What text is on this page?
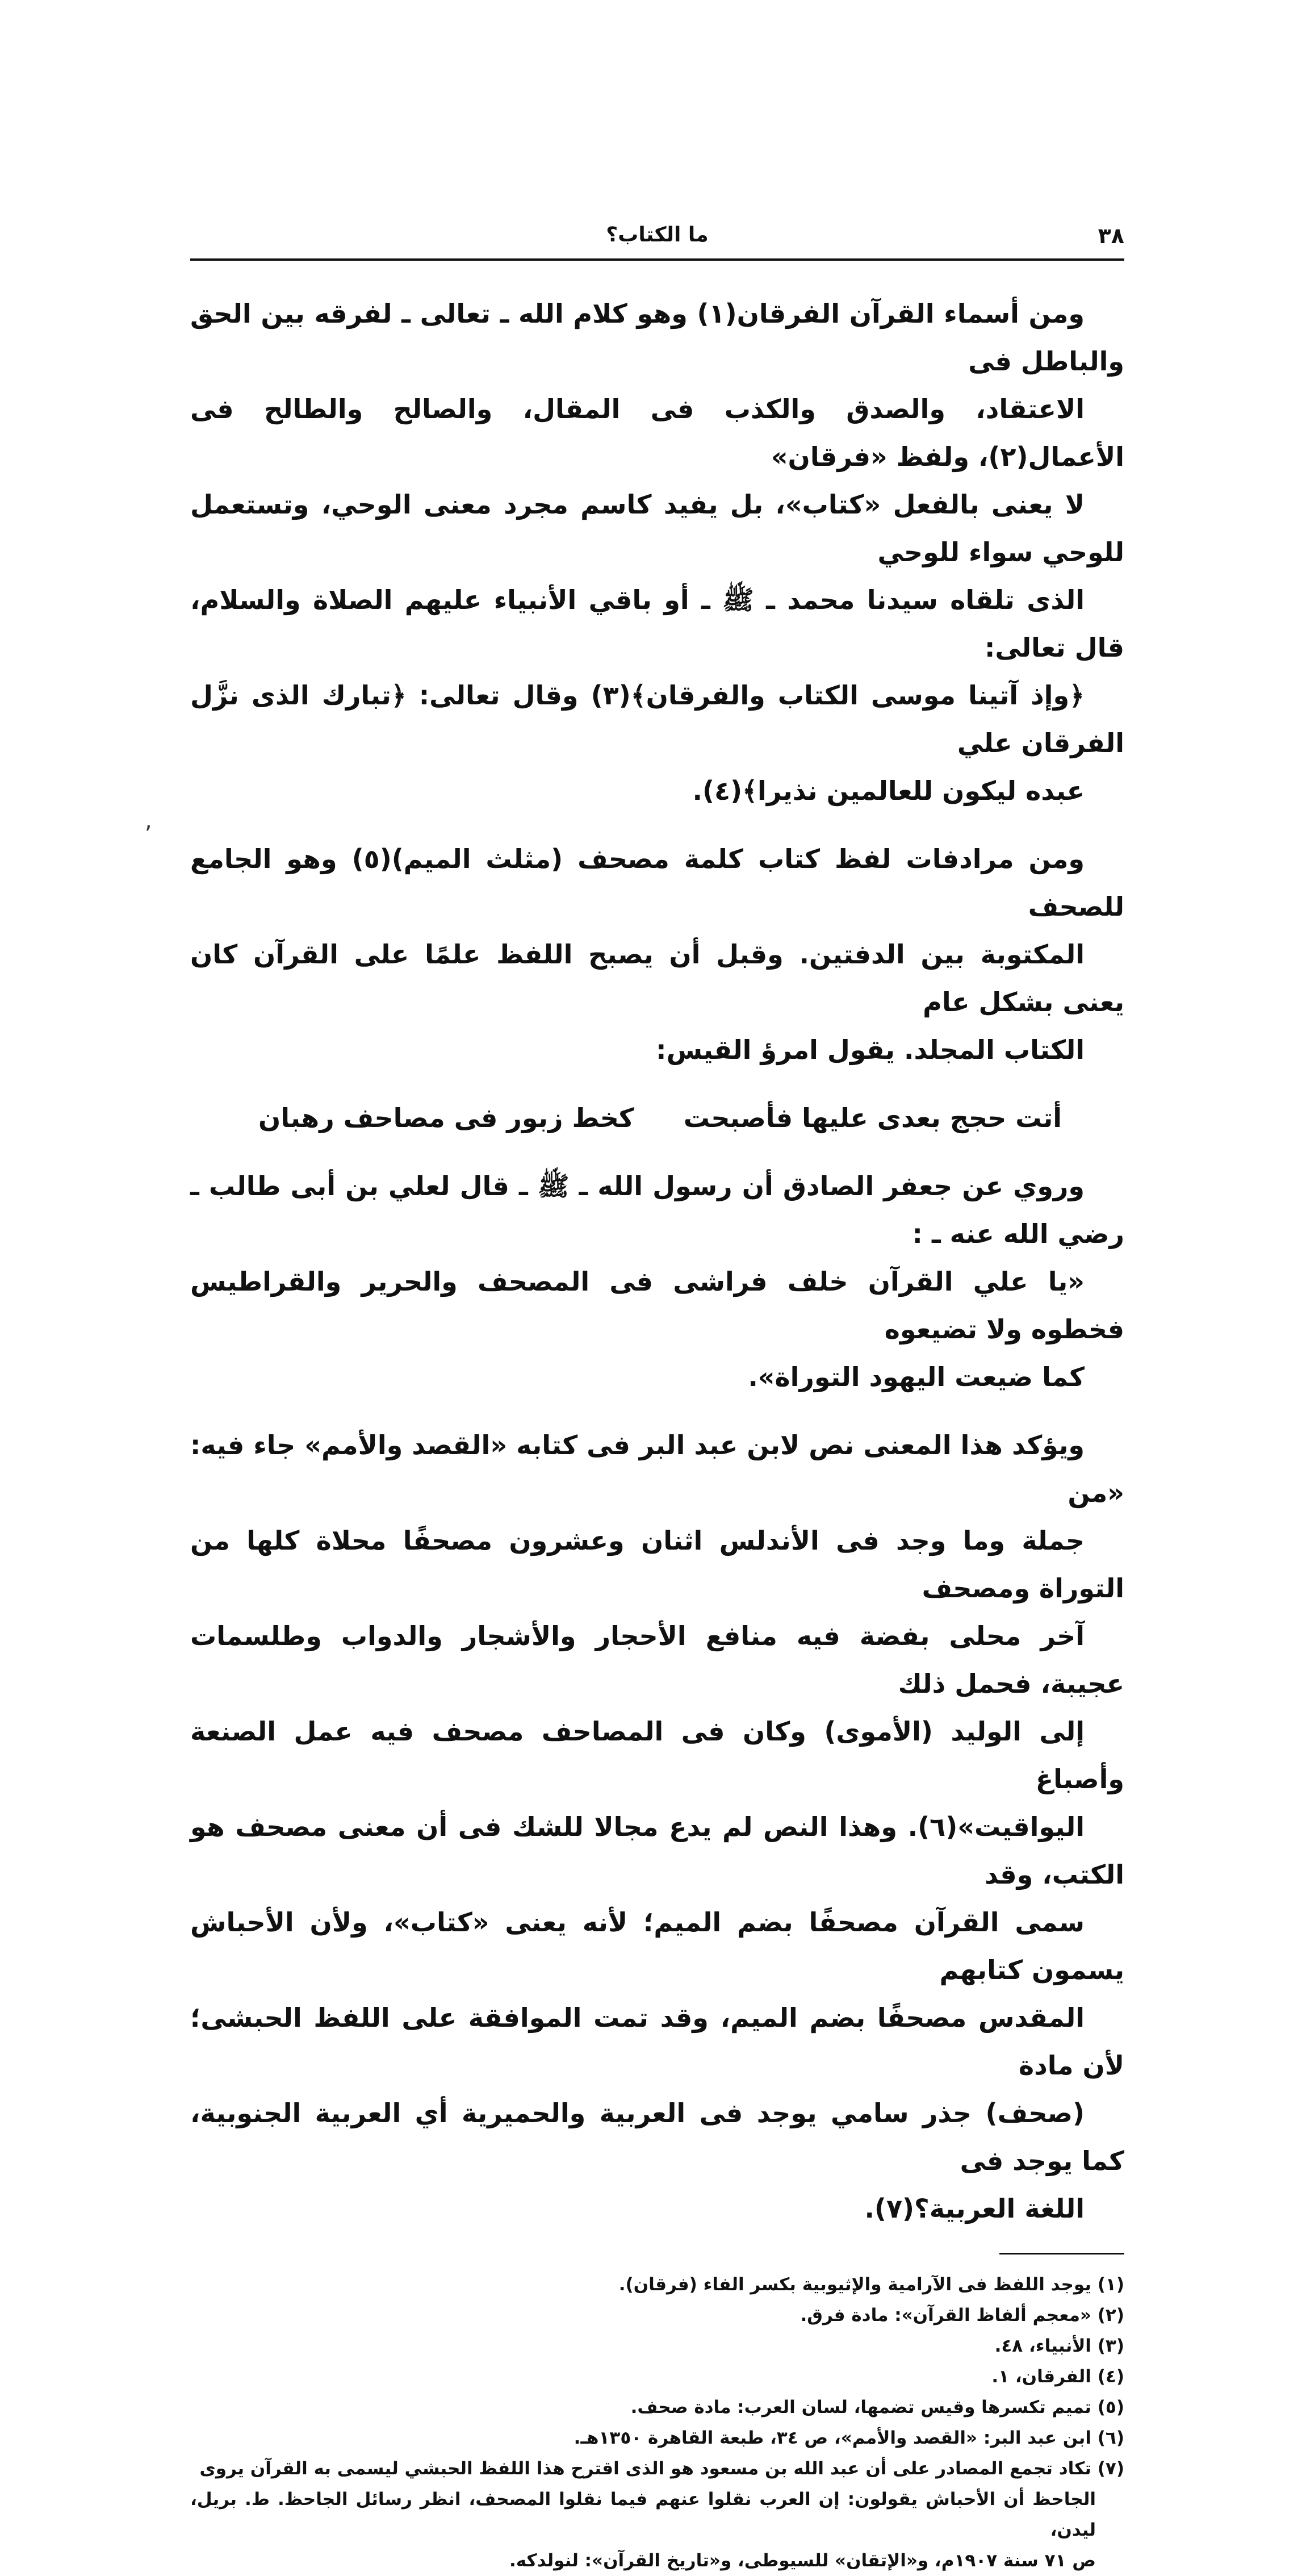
٣٨
ما الكتاب؟
,
ومن أسماء القرآن الفرقان(١) وهو كلام الله ـ تعالى ـ لفرقه بين الحق والباطل فى
الاعتقاد، والصدق والكذب فى المقال، والصالح والطالح فى الأعمال(٢)، ولفظ «فرقان»
لا يعنى بالفعل «كتاب»، بل يفيد كاسم مجرد معنى الوحي، وتستعمل للوحي سواء للوحي
الذى تلقاه سيدنا محمد ـ ﷺ ـ أو باقي الأنبياء عليهم الصلاة والسلام، قال تعالى:
﴿وإذ آتينا موسى الكتاب والفرقان﴾(٣) وقال تعالى: ﴿تبارك الذى نزَّل الفرقان علي
عبده ليكون للعالمين نذيرا﴾(٤).
ومن مرادفات لفظ كتاب كلمة مصحف (مثلث الميم)(٥) وهو الجامع للصحف
المكتوبة بين الدفتين. وقبل أن يصبح اللفظ علمًا على القرآن كان يعنى بشكل عام
الكتاب المجلد. يقول امرؤ القيس:
أتت حجج بعدى عليها فأصبحت
كخط زبور فى مصاحف رهبان
وروي عن جعفر الصادق أن رسول الله ـ ﷺ ـ قال لعلي بن أبى طالب ـ رضي الله عنه ـ :
«يا علي القرآن خلف فراشى فى المصحف والحرير والقراطيس فخطوه ولا تضيعوه
كما ضيعت اليهود التوراة».
ويؤكد هذا المعنى نص لابن عبد البر فى كتابه «القصد والأمم» جاء فيه: «من
جملة وما وجد فى الأندلس اثنان وعشرون مصحفًا محلاة كلها من التوراة ومصحف
آخر محلى بفضة فيه منافع الأحجار والأشجار والدواب وطلسمات عجيبة، فحمل ذلك
إلى الوليد (الأموى) وكان فى المصاحف مصحف فيه عمل الصنعة وأصباغ
اليواقيت»(٦). وهذا النص لم يدع مجالا للشك فى أن معنى مصحف هو الكتب، وقد
سمى القرآن مصحفًا بضم الميم؛ لأنه يعنى «كتاب»، ولأن الأحباش يسمون كتابهم
المقدس مصحفًا بضم الميم، وقد تمت الموافقة على اللفظ الحبشى؛ لأن مادة
(صحف) جذر سامي يوجد فى العربية والحميرية أي العربية الجنوبية، كما يوجد فى
اللغة العربية؟(٧).
(١) يوجد اللفظ فى الآرامية والإثيوبية بكسر الفاء (فرقان).
(٢) «معجم ألفاظ القرآن»: مادة فرق.
(٣) الأنبياء، ٤٨.
(٤) الفرقان، ١.
(٥) تميم تكسرها وقيس تضمها، لسان العرب: مادة صحف.
(٦) ابن عبد البر: «القصد والأمم»، ص ٣٤، طبعة القاهرة ١٣٥٠هـ.
(٧) تكاد تجمع المصادر على أن عبد الله بن مسعود هو الذى اقترح هذا اللفظ الحبشي ليسمى به القرآن يروى
الجاحظ أن الأحباش يقولون: إن العرب نقلوا عنهم فيما نقلوا المصحف، انظر رسائل الجاحظ. ط. بريل، ليدن،
ص ٧١ سنة ١٩٠٧م، و«الإتقان» للسيوطى، و«تاريخ القرآن»: لنولدكه.
